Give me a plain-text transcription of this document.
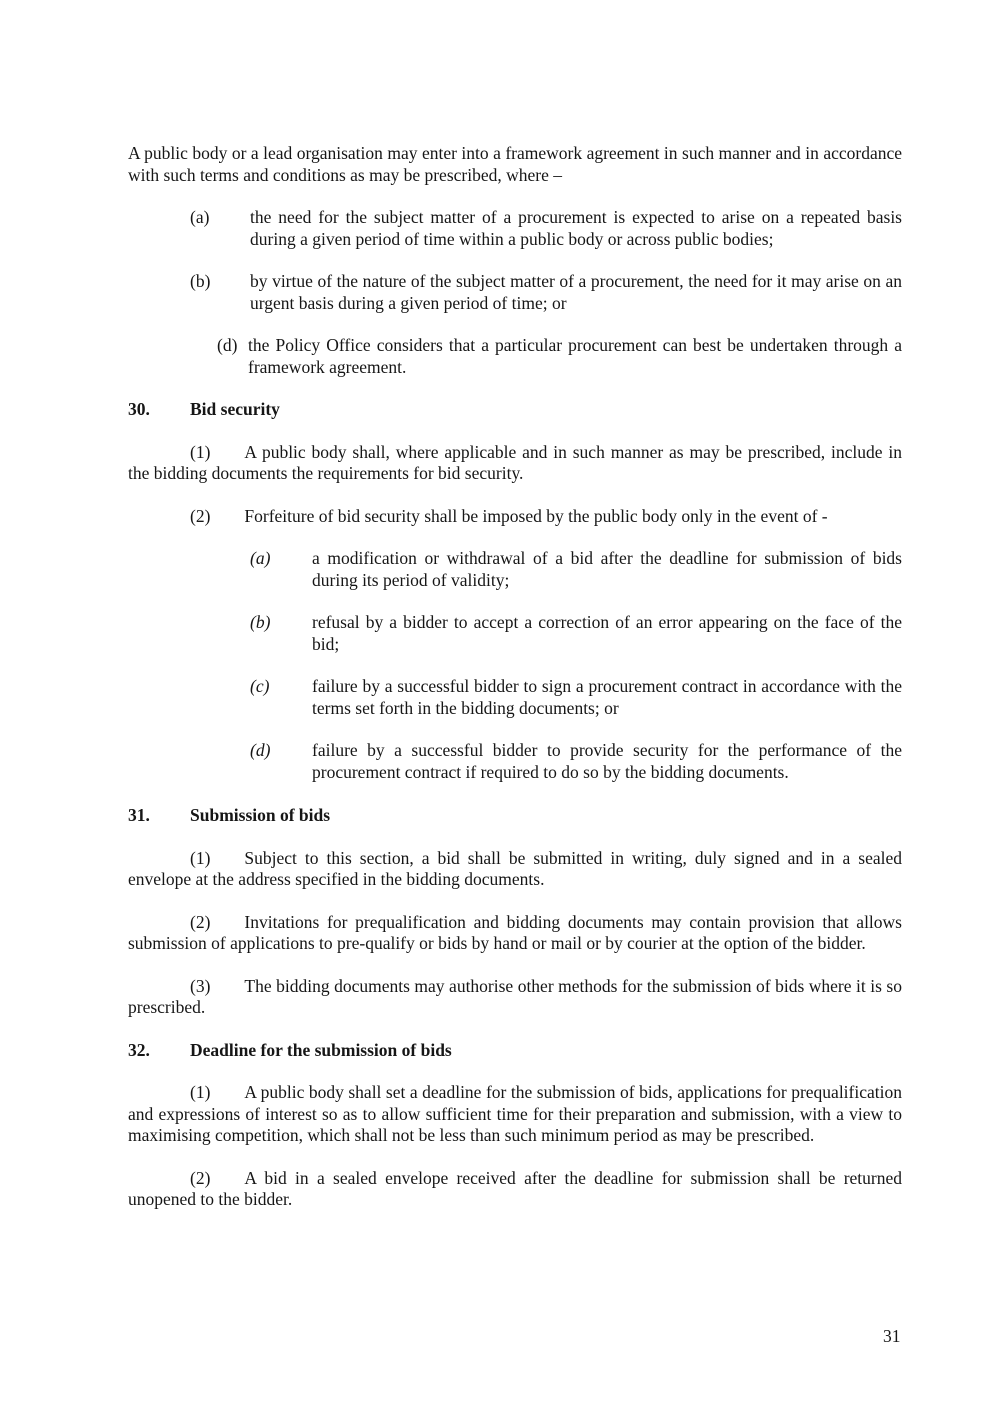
A public body or a lead organisation may enter into a framework agreement in such manner and in accordance with such terms and conditions as may be prescribed, where –

(a) the need for the subject matter of a procurement is expected to arise on a repeated basis during a given period of time within a public body or across public bodies;
(b) by virtue of the nature of the subject matter of a procurement, the need for it may arise on an urgent basis during a given period of time; or
(d) the Policy Office considers that a particular procurement can best be undertaken through a framework agreement.
30. Bid security

(1) A public body shall, where applicable and in such manner as may be prescribed, include in the bidding documents the requirements for bid security.

(2) Forfeiture of bid security shall be imposed by the public body only in the event of -

(a) a modification or withdrawal of a bid after the deadline for submission of bids during its period of validity;
(b) refusal by a bidder to accept a correction of an error appearing on the face of the bid;
(c) failure by a successful bidder to sign a procurement contract in accordance with the terms set forth in the bidding documents; or
(d) failure by a successful bidder to provide security for the performance of the procurement contract if required to do so by the bidding documents.
31. Submission of bids

(1) Subject to this section, a bid shall be submitted in writing, duly signed and in a sealed envelope at the address specified in the bidding documents.

(2) Invitations for prequalification and bidding documents may contain provision that allows submission of applications to pre-qualify or bids by hand or mail or by courier at the option of the bidder.

(3) The bidding documents may authorise other methods for the submission of bids where it is so prescribed.

32. Deadline for the submission of bids

(1) A public body shall set a deadline for the submission of bids, applications for prequalification and expressions of interest so as to allow sufficient time for their preparation and submission, with a view to maximising competition, which shall not be less than such minimum period as may be prescribed.

(2) A bid in a sealed envelope received after the deadline for submission shall be returned unopened to the bidder.

31
